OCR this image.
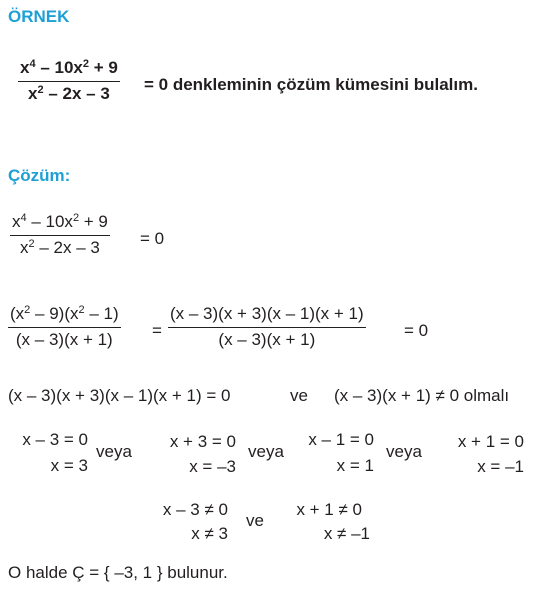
ÖRNEK
$x^4 - 10x^2 + 9$
$x^2 - 2x - 3 = 0$ denkleminin çözüm kümesini bulalım.
Çözüm:
$x^4 - 10x^2 + 9$
$x^2 - 2x - 3 = 0$
$(x^2 - 9)(x^2 - 1)$
(x – 3)(x + 1) =
(x – 3)(x + 3)(x – 1)(x + 1)
(x – 3)(x + 1)	= 0
(x – 3)(x + 3)(x – 1)(x + 1) = 0	ve (x – 3)(x + 1) ≠ 0 olmalı
x – 3 = 0
x = 3
veya
x + 3 = 0
x = –3
veya
x – 1 = 0
x = 1
veya
x + 1 = 0
x = –1
x – 3 ≠ 0
x ≠ 3
ve
x + 1 ≠ 0
x ≠ –1
O halde Ç = { –3, 1 } bulunur.
